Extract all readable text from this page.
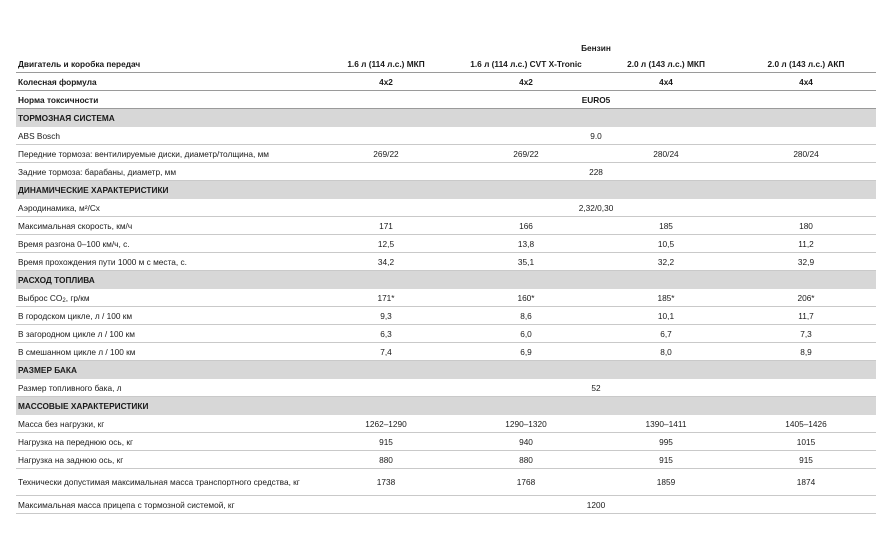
	Бензин			
Двигатель и коробка передач	1.6 л (114 л.с.) МКП	1.6 л (114 л.с.) CVT X-Tronic	2.0 л (143 л.с.) МКП	2.0 л (143 л.с.) АКП
Колесная формула	4x2	4x2	4x4	4x4
Норма токсичности	EURO5			
ТОРМОЗНАЯ СИСТЕМА				
ABS Bosch	9.0			
Передние тормоза: вентилируемые диски, диаметр/толщина, мм	269/22	269/22	280/24	280/24
Задние тормоза: барабаны, диаметр, мм	228			
ДИНАМИЧЕСКИЕ ХАРАКТЕРИСТИКИ				
Аэродинамика, м²/Сх	2,32/0,30			
Максимальная скорость, км/ч	171	166	185	180
Время разгона 0–100 км/ч, с.	12,5	13,8	10,5	11,2
Время прохождения пути 1000 м с места, с.	34,2	35,1	32,2	32,9
РАСХОД ТОПЛИВА				
Выброс $CO_2$, гр/км	171*	160*	185*	206*
В городском цикле, л / 100 км	9,3	8,6	10,1	11,7
В загородном цикле л / 100 км	6,3	6,0	6,7	7,3
В смешанном цикле л / 100 км	7,4	6,9	8,0	8,9
РАЗМЕР БАКА				
Размер топливного бака, л	52			
МАССОВЫЕ ХАРАКТЕРИСТИКИ				
Масса без нагрузки, кг	1262–1290	1290–1320	1390–1411	1405–1426
Нагрузка на переднюю ось, кг	915	940	995	1015
Нагрузка на заднюю ось, кг	880	880	915	915
Технически допустимая максимальная масса транспортного средства, кг	1738	1768	1859	1874
Максимальная масса прицепа с тормозной системой, кг	1200			
